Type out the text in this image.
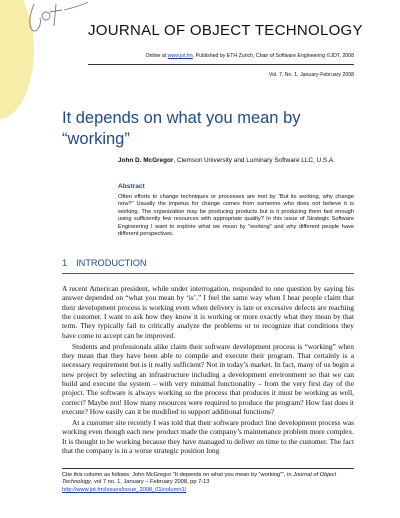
JOURNAL OF OBJECT TECHNOLOGY
Online at www.jot.fm. Published by ETH Zurich, Chair of Software Engineering ©JOT, 2008
Vol. 7, No. 1, January-February 2008
It depends on what you mean by “working”
John D. McGregor, Clemson University and Luminary Software LLC, U.S.A.
Abstract
Often efforts to change techniques or processes are met by “But its working, why change now?” Usually the impetus for change comes from someone who does not believe it is working. The organization may be producing products but is it producing them fast enough using sufficiently few resources with appropriate quality? In this issue of Strategic Software Engineering I want to explore what we mean by “working” and why different people have different perspectives.
1 INTRODUCTION

A recent American president, while under interrogation, responded to one question by saying his answer depended on “what you mean by ‘is’.” I feel the same way when I hear people claim that their development process is working even when delivery is late or excessive defects are reaching the customer. I want to ask how they know it is working or more exactly what they mean by that term. They typically fail to critically analyze the problems or to recognize that conditions they have come to accept can be improved.

Students and professionals alike claim their software development process is “working” when they mean that they have been able to compile and execute their program. That certainly is a necessary requirement but is it really sufficient? Not in today’s market. In fact, many of us begin a new project by selecting an infrastructure including a development environment so that we can build and execute the system – with very minimal functionality – from the very first day of the project. The software is always working so the process that produces it must be working as well, correct? Maybe not! How many resources were required to produce the program? How fast does it execute? How easily can it be modified to support additional functions?

At a customer site recently I was told that their software product line development process was working even though each new product made the company’s maintenance problem more complex. It is thought to be working because they have managed to deliver on time to the customer. The fact that the company is in a worse strategic position long

Cite this column as follows: John McGregor “It depends on what you mean by “working””, in Journal of Object Technology, vol 7 no. 1, January – February 2008, pp 7-13
http://www.jot.fm/issues/issue_2008_01/column1/
